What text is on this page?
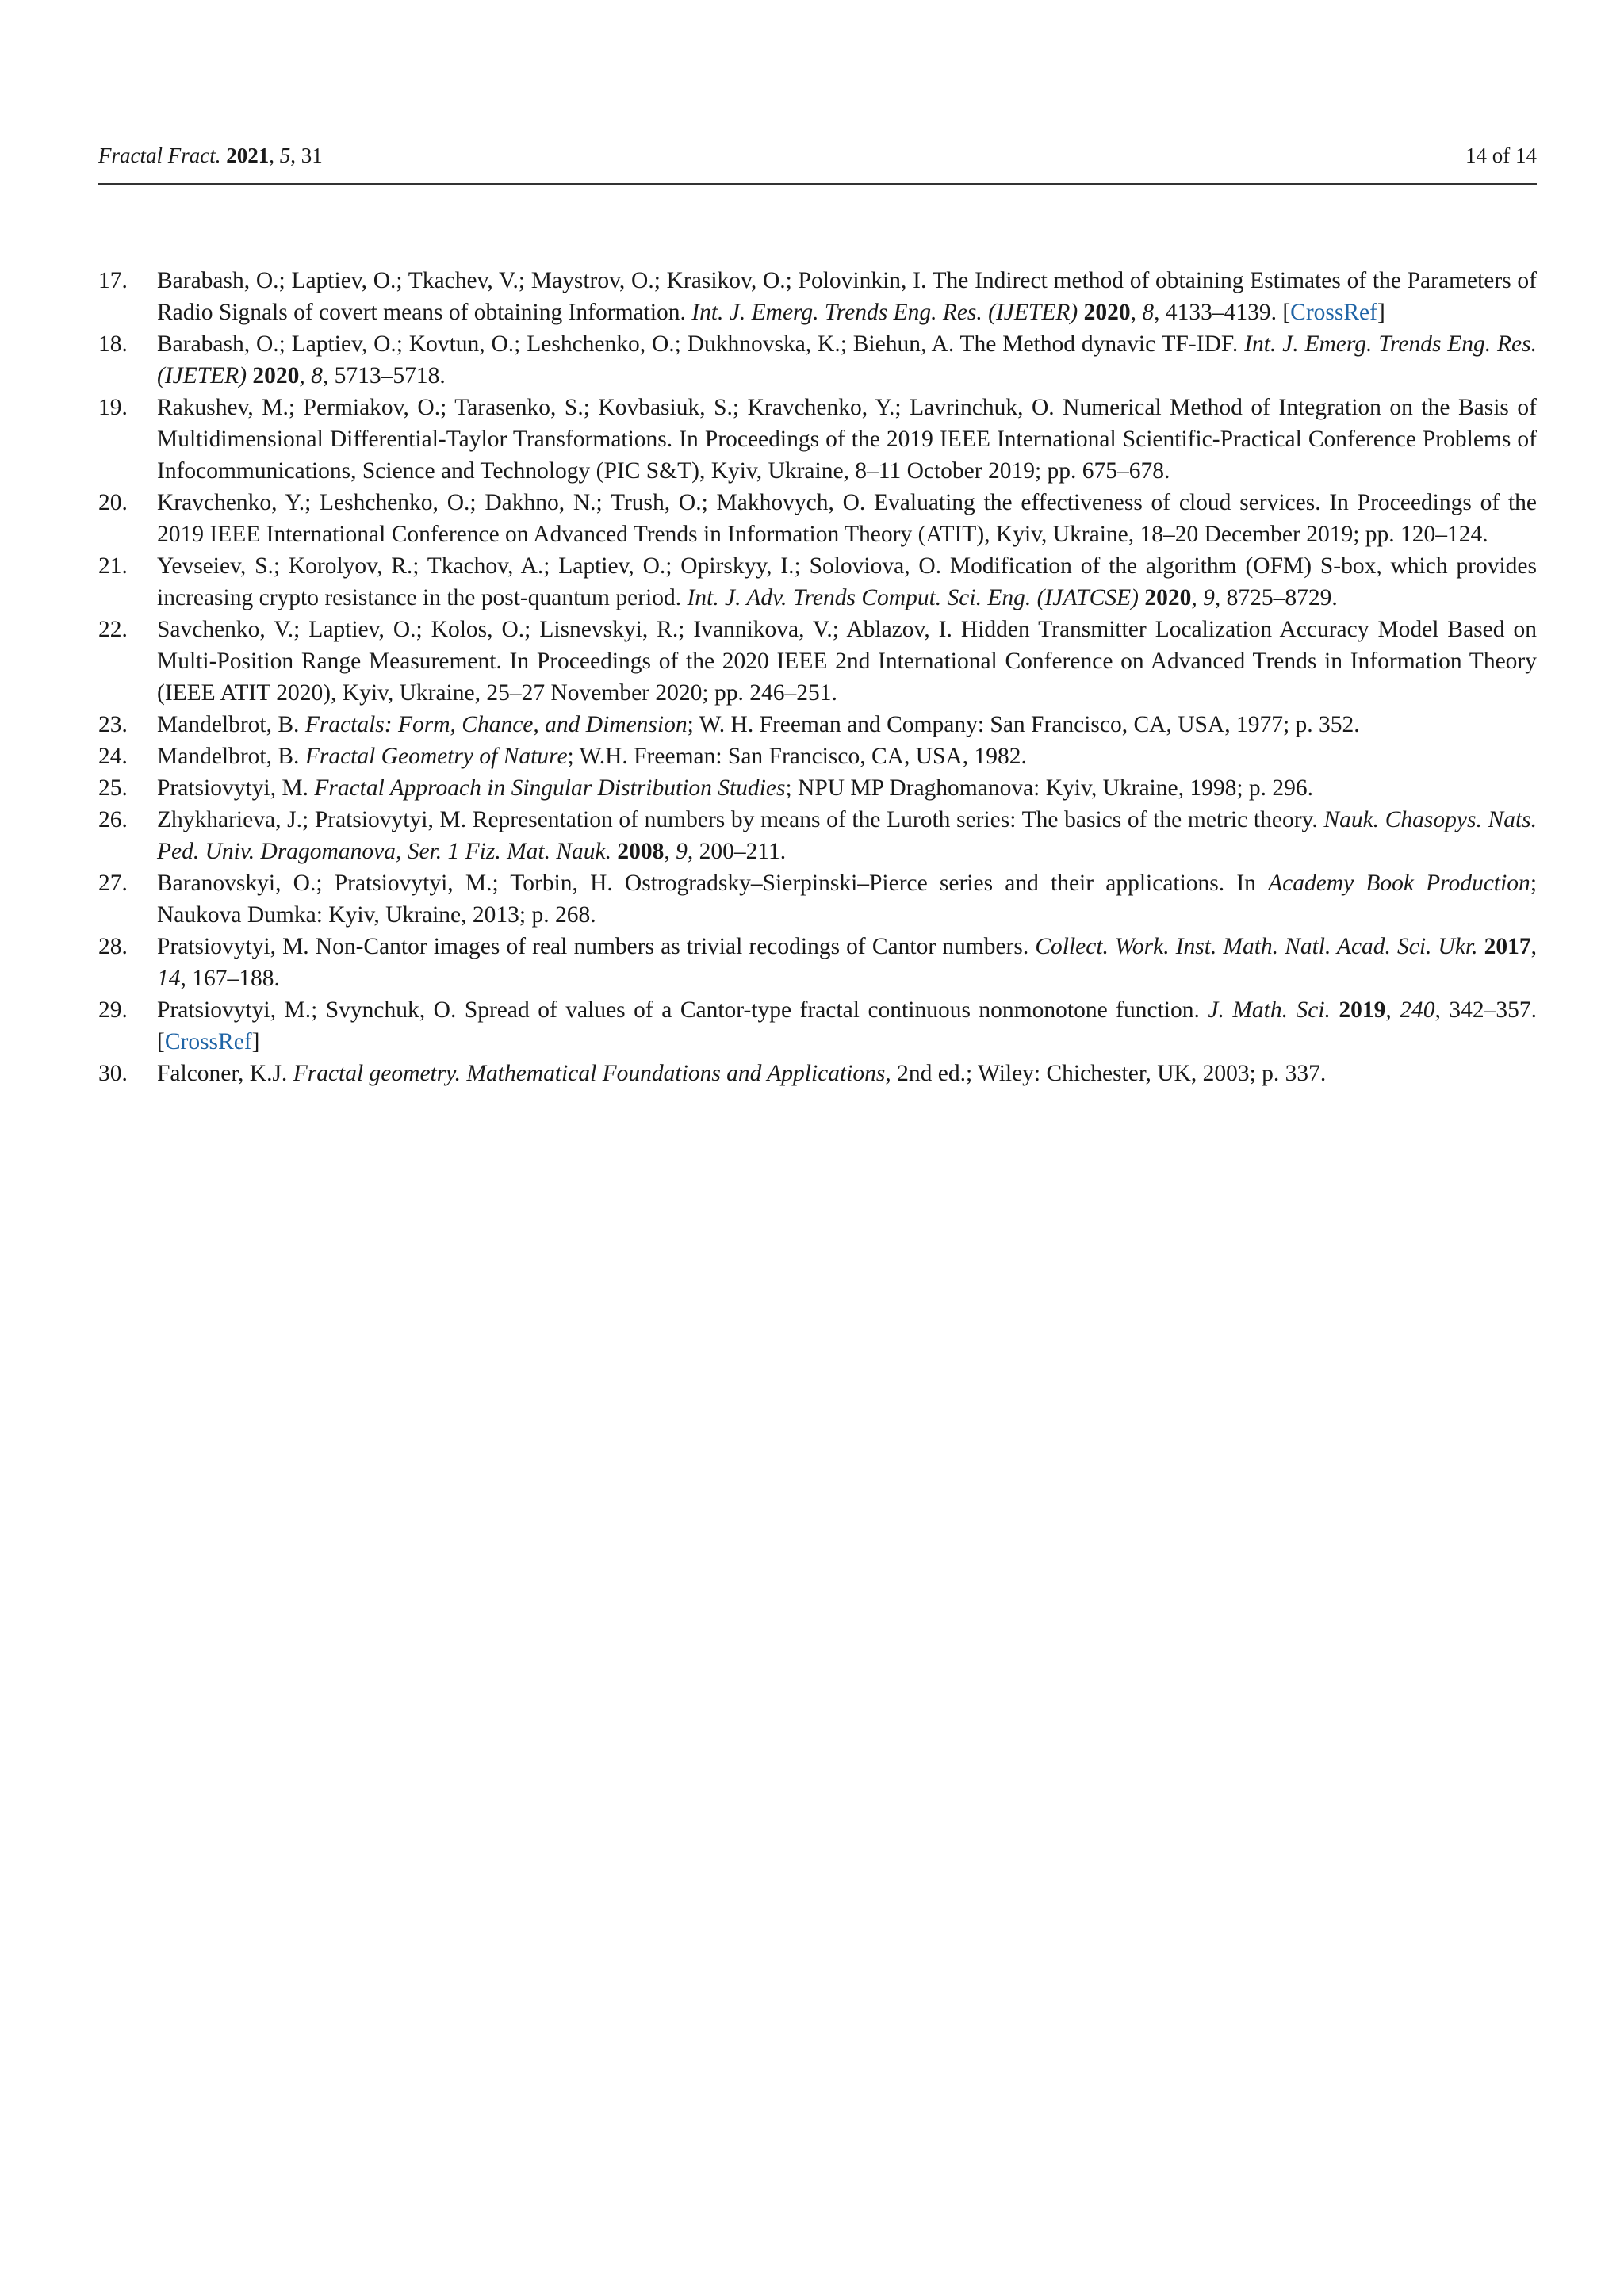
Fractal Fract. 2021, 5, 31	14 of 14
17. Barabash, O.; Laptiev, O.; Tkachev, V.; Maystrov, O.; Krasikov, O.; Polovinkin, I. The Indirect method of obtaining Estimates of the Parameters of Radio Signals of covert means of obtaining Information. Int. J. Emerg. Trends Eng. Res. (IJETER) 2020, 8, 4133–4139. [CrossRef]
18. Barabash, O.; Laptiev, O.; Kovtun, O.; Leshchenko, O.; Dukhnovska, K.; Biehun, A. The Method dynavic TF-IDF. Int. J. Emerg. Trends Eng. Res. (IJETER) 2020, 8, 5713–5718.
19. Rakushev, M.; Permiakov, O.; Tarasenko, S.; Kovbasiuk, S.; Kravchenko, Y.; Lavrinchuk, O. Numerical Method of Integration on the Basis of Multidimensional Differential-Taylor Transformations. In Proceedings of the 2019 IEEE International Scientific-Practical Conference Problems of Infocommunications, Science and Technology (PIC S&T), Kyiv, Ukraine, 8–11 October 2019; pp. 675–678.
20. Kravchenko, Y.; Leshchenko, O.; Dakhno, N.; Trush, O.; Makhovych, O. Evaluating the effectiveness of cloud services. In Proceedings of the 2019 IEEE International Conference on Advanced Trends in Information Theory (ATIT), Kyiv, Ukraine, 18–20 December 2019; pp. 120–124.
21. Yevseiev, S.; Korolyov, R.; Tkachov, A.; Laptiev, O.; Opirskyy, I.; Soloviova, O. Modification of the algorithm (OFM) S-box, which provides increasing crypto resistance in the post-quantum period. Int. J. Adv. Trends Comput. Sci. Eng. (IJATCSE) 2020, 9, 8725–8729.
22. Savchenko, V.; Laptiev, O.; Kolos, O.; Lisnevskyi, R.; Ivannikova, V.; Ablazov, I. Hidden Transmitter Localization Accuracy Model Based on Multi-Position Range Measurement. In Proceedings of the 2020 IEEE 2nd International Conference on Advanced Trends in Information Theory (IEEE ATIT 2020), Kyiv, Ukraine, 25–27 November 2020; pp. 246–251.
23. Mandelbrot, B. Fractals: Form, Chance, and Dimension; W. H. Freeman and Company: San Francisco, CA, USA, 1977; p. 352.
24. Mandelbrot, B. Fractal Geometry of Nature; W.H. Freeman: San Francisco, CA, USA, 1982.
25. Pratsiovytyi, M. Fractal Approach in Singular Distribution Studies; NPU MP Draghomanova: Kyiv, Ukraine, 1998; p. 296.
26. Zhykharieva, J.; Pratsiovytyi, M. Representation of numbers by means of the Luroth series: The basics of the metric theory. Nauk. Chasopys. Nats. Ped. Univ. Dragomanova, Ser. 1 Fiz. Mat. Nauk. 2008, 9, 200–211.
27. Baranovskyi, O.; Pratsiovytyi, M.; Torbin, H. Ostrogradsky–Sierpinski–Pierce series and their applications. In Academy Book Production; Naukova Dumka: Kyiv, Ukraine, 2013; p. 268.
28. Pratsiovytyi, M. Non-Cantor images of real numbers as trivial recodings of Cantor numbers. Collect. Work. Inst. Math. Natl. Acad. Sci. Ukr. 2017, 14, 167–188.
29. Pratsiovytyi, M.; Svynchuk, O. Spread of values of a Cantor-type fractal continuous nonmonotone function. J. Math. Sci. 2019, 240, 342–357. [CrossRef]
30. Falconer, K.J. Fractal geometry. Mathematical Foundations and Applications, 2nd ed.; Wiley: Chichester, UK, 2003; p. 337.
